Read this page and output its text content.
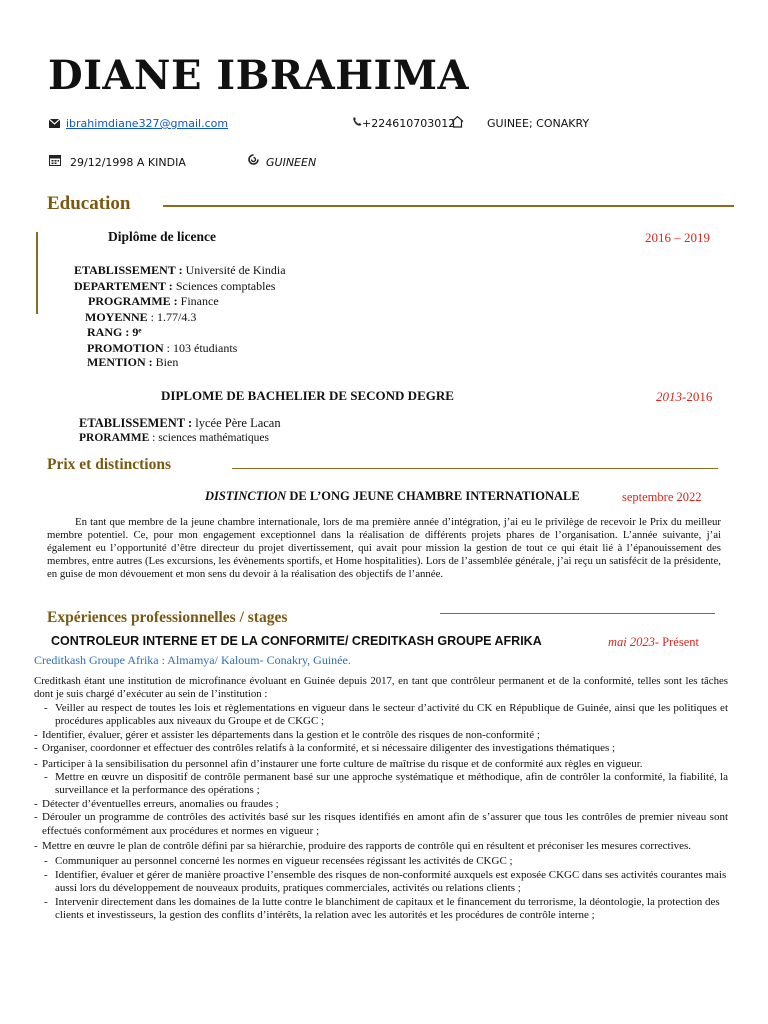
DIANE IBRAHIMA
ibrahimdiane327@gmail.com	+224610703012	GUINEE; CONAKRY
29/12/1998 A KINDIA	GUINEEN
Education
Diplôme de licence	2016 – 2019
ETABLISSEMENT : Université de Kindia
DEPARTEMENT : Sciences comptables
PROGRAMME : Finance
MOYENNE : 1.77/4.3
RANG : 9ᵉ
PROMOTION : 103 étudiants
MENTION : Bien
DIPLOME DE BACHELIER DE SECOND DEGRE	2013-2016
ETABLISSEMENT : lycée Père Lacan
PRORAMME : sciences mathématiques
Prix et distinctions
DISTINCTION DE L’ONG JEUNE CHAMBRE INTERNATIONALE	septembre 2022
En tant que membre de la jeune chambre internationale, lors de ma première année d’intégration, j’ai eu le privilège de recevoir le Prix du meilleur membre potentiel. Ce, pour mon engagement exceptionnel dans la réalisation de différents projets phares de l’organisation. L’année suivante, j’ai également eu l’opportunité d’être directeur du projet divertissement, qui avait pour mission la gestion de tout ce qui était lié à l’épanouissement des membres, entre autres (Les excursions, les évènements sportifs, et Home hospitalities). Lors de l’assemblée générale, j’ai reçu un satisfécit de la présidente, en guise de mon dévouement et mon sens du devoir à la réalisation des objectifs de l’année.
Expériences professionnelles / stages
CONTROLEUR INTERNE ET DE LA CONFORMITE/ CREDITKASH GROUPE AFRIKA	mai 2023- Présent
Creditkash Groupe Afrika : Almamya/ Kaloum- Conakry, Guinée.
Creditkash étant une institution de microfinance évoluant en Guinée depuis 2017, en tant que contrôleur permanent et de la conformité, telles sont les tâches dont je suis chargé d’exécuter au sein de l’institution :
- Veiller au respect de toutes les lois et règlementations en vigueur dans le secteur d’activité du CK en République de Guinée, ainsi que les politiques et procédures applicables aux niveaux du Groupe et de CKGC ;
- Identifier, évaluer, gérer et assister les départements dans la gestion et le contrôle des risques de non-conformité ;
- Organiser, coordonner et effectuer des contrôles relatifs à la conformité, et si nécessaire diligenter des investigations thématiques ;
- Participer à la sensibilisation du personnel afin d’instaurer une forte culture de maîtrise du risque et de conformité aux règles en vigueur.
- Mettre en œuvre un dispositif de contrôle permanent basé sur une approche systématique et méthodique, afin de contrôler la conformité, la fiabilité, la surveillance et la performance des opérations ;
- Détecter d’éventuelles erreurs, anomalies ou fraudes ;
- Dérouler un programme de contrôles des activités basé sur les risques identifiés en amont afin de s’assurer que tous les contrôles de premier niveau sont effectués conformément aux procédures et normes en vigueur ;
- Mettre en œuvre le plan de contrôle défini par sa hiérarchie, produire des rapports de contrôle qui en résultent et préconiser les mesures correctives.
- Communiquer au personnel concerné les normes en vigueur recensées régissant les activités de CKGC ;
- Identifier, évaluer et gérer de manière proactive l’ensemble des risques de non-conformité auxquels est exposée CKGC dans ses activités courantes mais aussi lors du développement de nouveaux produits, pratiques commerciales, activités ou relations clients ;
- Intervenir directement dans les domaines de la lutte contre le blanchiment de capitaux et le financement du terrorisme, la déontologie, la protection des clients et investisseurs, la gestion des conflits d’intérêts, la relation avec les autorités et les procédures de contrôle interne ;
